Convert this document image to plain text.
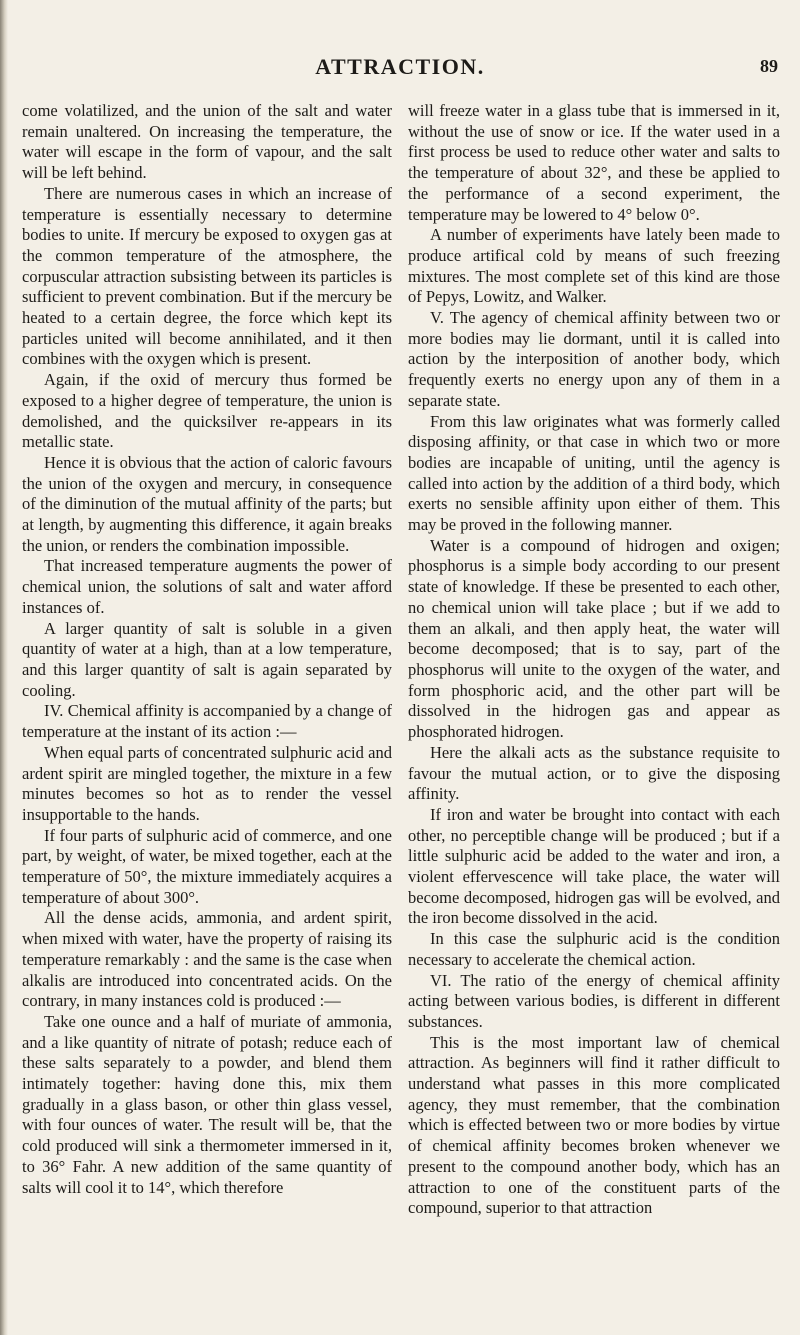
ATTRACTION.	89

come volatilized, and the union of the salt and water remain unaltered. On increasing the temperature, the water will escape in the form of vapour, and the salt will be left behind.

There are numerous cases in which an increase of temperature is essentially necessary to determine bodies to unite. If mercury be exposed to oxygen gas at the common temperature of the atmosphere, the corpuscular attraction subsisting between its particles is sufficient to prevent combination. But if the mercury be heated to a certain degree, the force which kept its particles united will become annihilated, and it then combines with the oxygen which is present.

Again, if the oxid of mercury thus formed be exposed to a higher degree of temperature, the union is demolished, and the quicksilver re-appears in its metallic state.

Hence it is obvious that the action of caloric favours the union of the oxygen and mercury, in consequence of the diminution of the mutual affinity of the parts; but at length, by augmenting this difference, it again breaks the union, or renders the combination impossible.

That increased temperature augments the power of chemical union, the solutions of salt and water afford instances of.

A larger quantity of salt is soluble in a given quantity of water at a high, than at a low temperature, and this larger quantity of salt is again separated by cooling.

IV. Chemical affinity is accompanied by a change of temperature at the instant of its action :—

When equal parts of concentrated sulphuric acid and ardent spirit are mingled together, the mixture in a few minutes becomes so hot as to render the vessel insupportable to the hands.

If four parts of sulphuric acid of commerce, and one part, by weight, of water, be mixed together, each at the temperature of 50°, the mixture immediately acquires a temperature of about 300°.

All the dense acids, ammonia, and ardent spirit, when mixed with water, have the property of raising its temperature remarkably : and the same is the case when alkalis are introduced into concentrated acids. On the contrary, in many instances cold is produced :—

Take one ounce and a half of muriate of ammonia, and a like quantity of nitrate of potash; reduce each of these salts separately to a powder, and blend them intimately together: having done this, mix them gradually in a glass bason, or other thin glass vessel, with four ounces of water. The result will be, that the cold produced will sink a thermometer immersed in it, to 36° Fahr. A new addition of the same quantity of salts will cool it to 14°, which therefore

will freeze water in a glass tube that is immersed in it, without the use of snow or ice. If the water used in a first process be used to reduce other water and salts to the temperature of about 32°, and these be applied to the performance of a second experiment, the temperature may be lowered to 4° below 0°.

A number of experiments have lately been made to produce artifical cold by means of such freezing mixtures. The most complete set of this kind are those of Pepys, Lowitz, and Walker.

V. The agency of chemical affinity between two or more bodies may lie dormant, until it is called into action by the interposition of another body, which frequently exerts no energy upon any of them in a separate state.

From this law originates what was formerly called disposing affinity, or that case in which two or more bodies are incapable of uniting, until the agency is called into action by the addition of a third body, which exerts no sensible affinity upon either of them. This may be proved in the following manner.

Water is a compound of hidrogen and oxigen; phosphorus is a simple body according to our present state of knowledge. If these be presented to each other, no chemical union will take place ; but if we add to them an alkali, and then apply heat, the water will become decomposed; that is to say, part of the phosphorus will unite to the oxygen of the water, and form phosphoric acid, and the other part will be dissolved in the hidrogen gas and appear as phosphorated hidrogen.

Here the alkali acts as the substance requisite to favour the mutual action, or to give the disposing affinity.

If iron and water be brought into contact with each other, no perceptible change will be produced ; but if a little sulphuric acid be added to the water and iron, a violent effervescence will take place, the water will become decomposed, hidrogen gas will be evolved, and the iron become dissolved in the acid.

In this case the sulphuric acid is the condition necessary to accelerate the chemical action.

VI. The ratio of the energy of chemical affinity acting between various bodies, is different in different substances.

This is the most important law of chemical attraction. As beginners will find it rather difficult to understand what passes in this more complicated agency, they must remember, that the combination which is effected between two or more bodies by virtue of chemical affinity becomes broken whenever we present to the compound another body, which has an attraction to one of the constituent parts of the compound, superior to that attraction
